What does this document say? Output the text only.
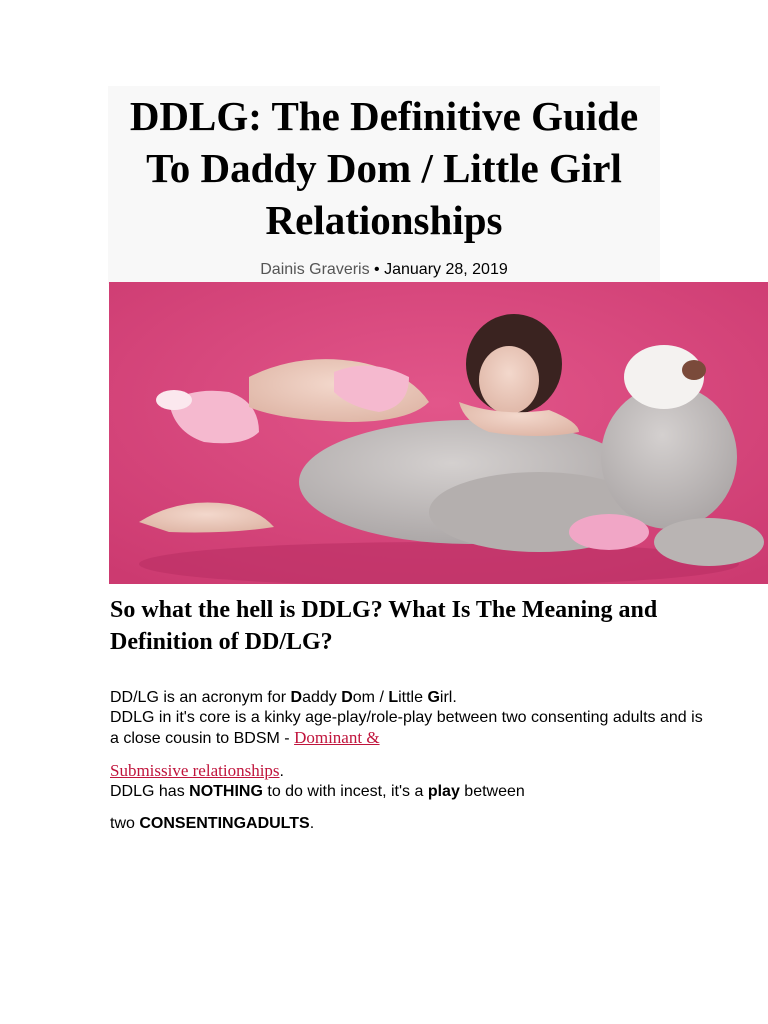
DDLG: The Definitive Guide To Daddy Dom / Little Girl Relationships
Dainis Graveris • January 28, 2019
So what the hell is DDLG? What Is The Meaning and Definition of DD/LG?
DD/LG is an acronym for Daddy Dom / Little Girl.
DDLG in it's core is a kinky age-play/role-play between two consenting adults and is a close cousin to BDSM - Dominant &
Submissive relationships.
DDLG has NOTHING to do with incest, it's a play between
two CONSENTINGADULTS.
